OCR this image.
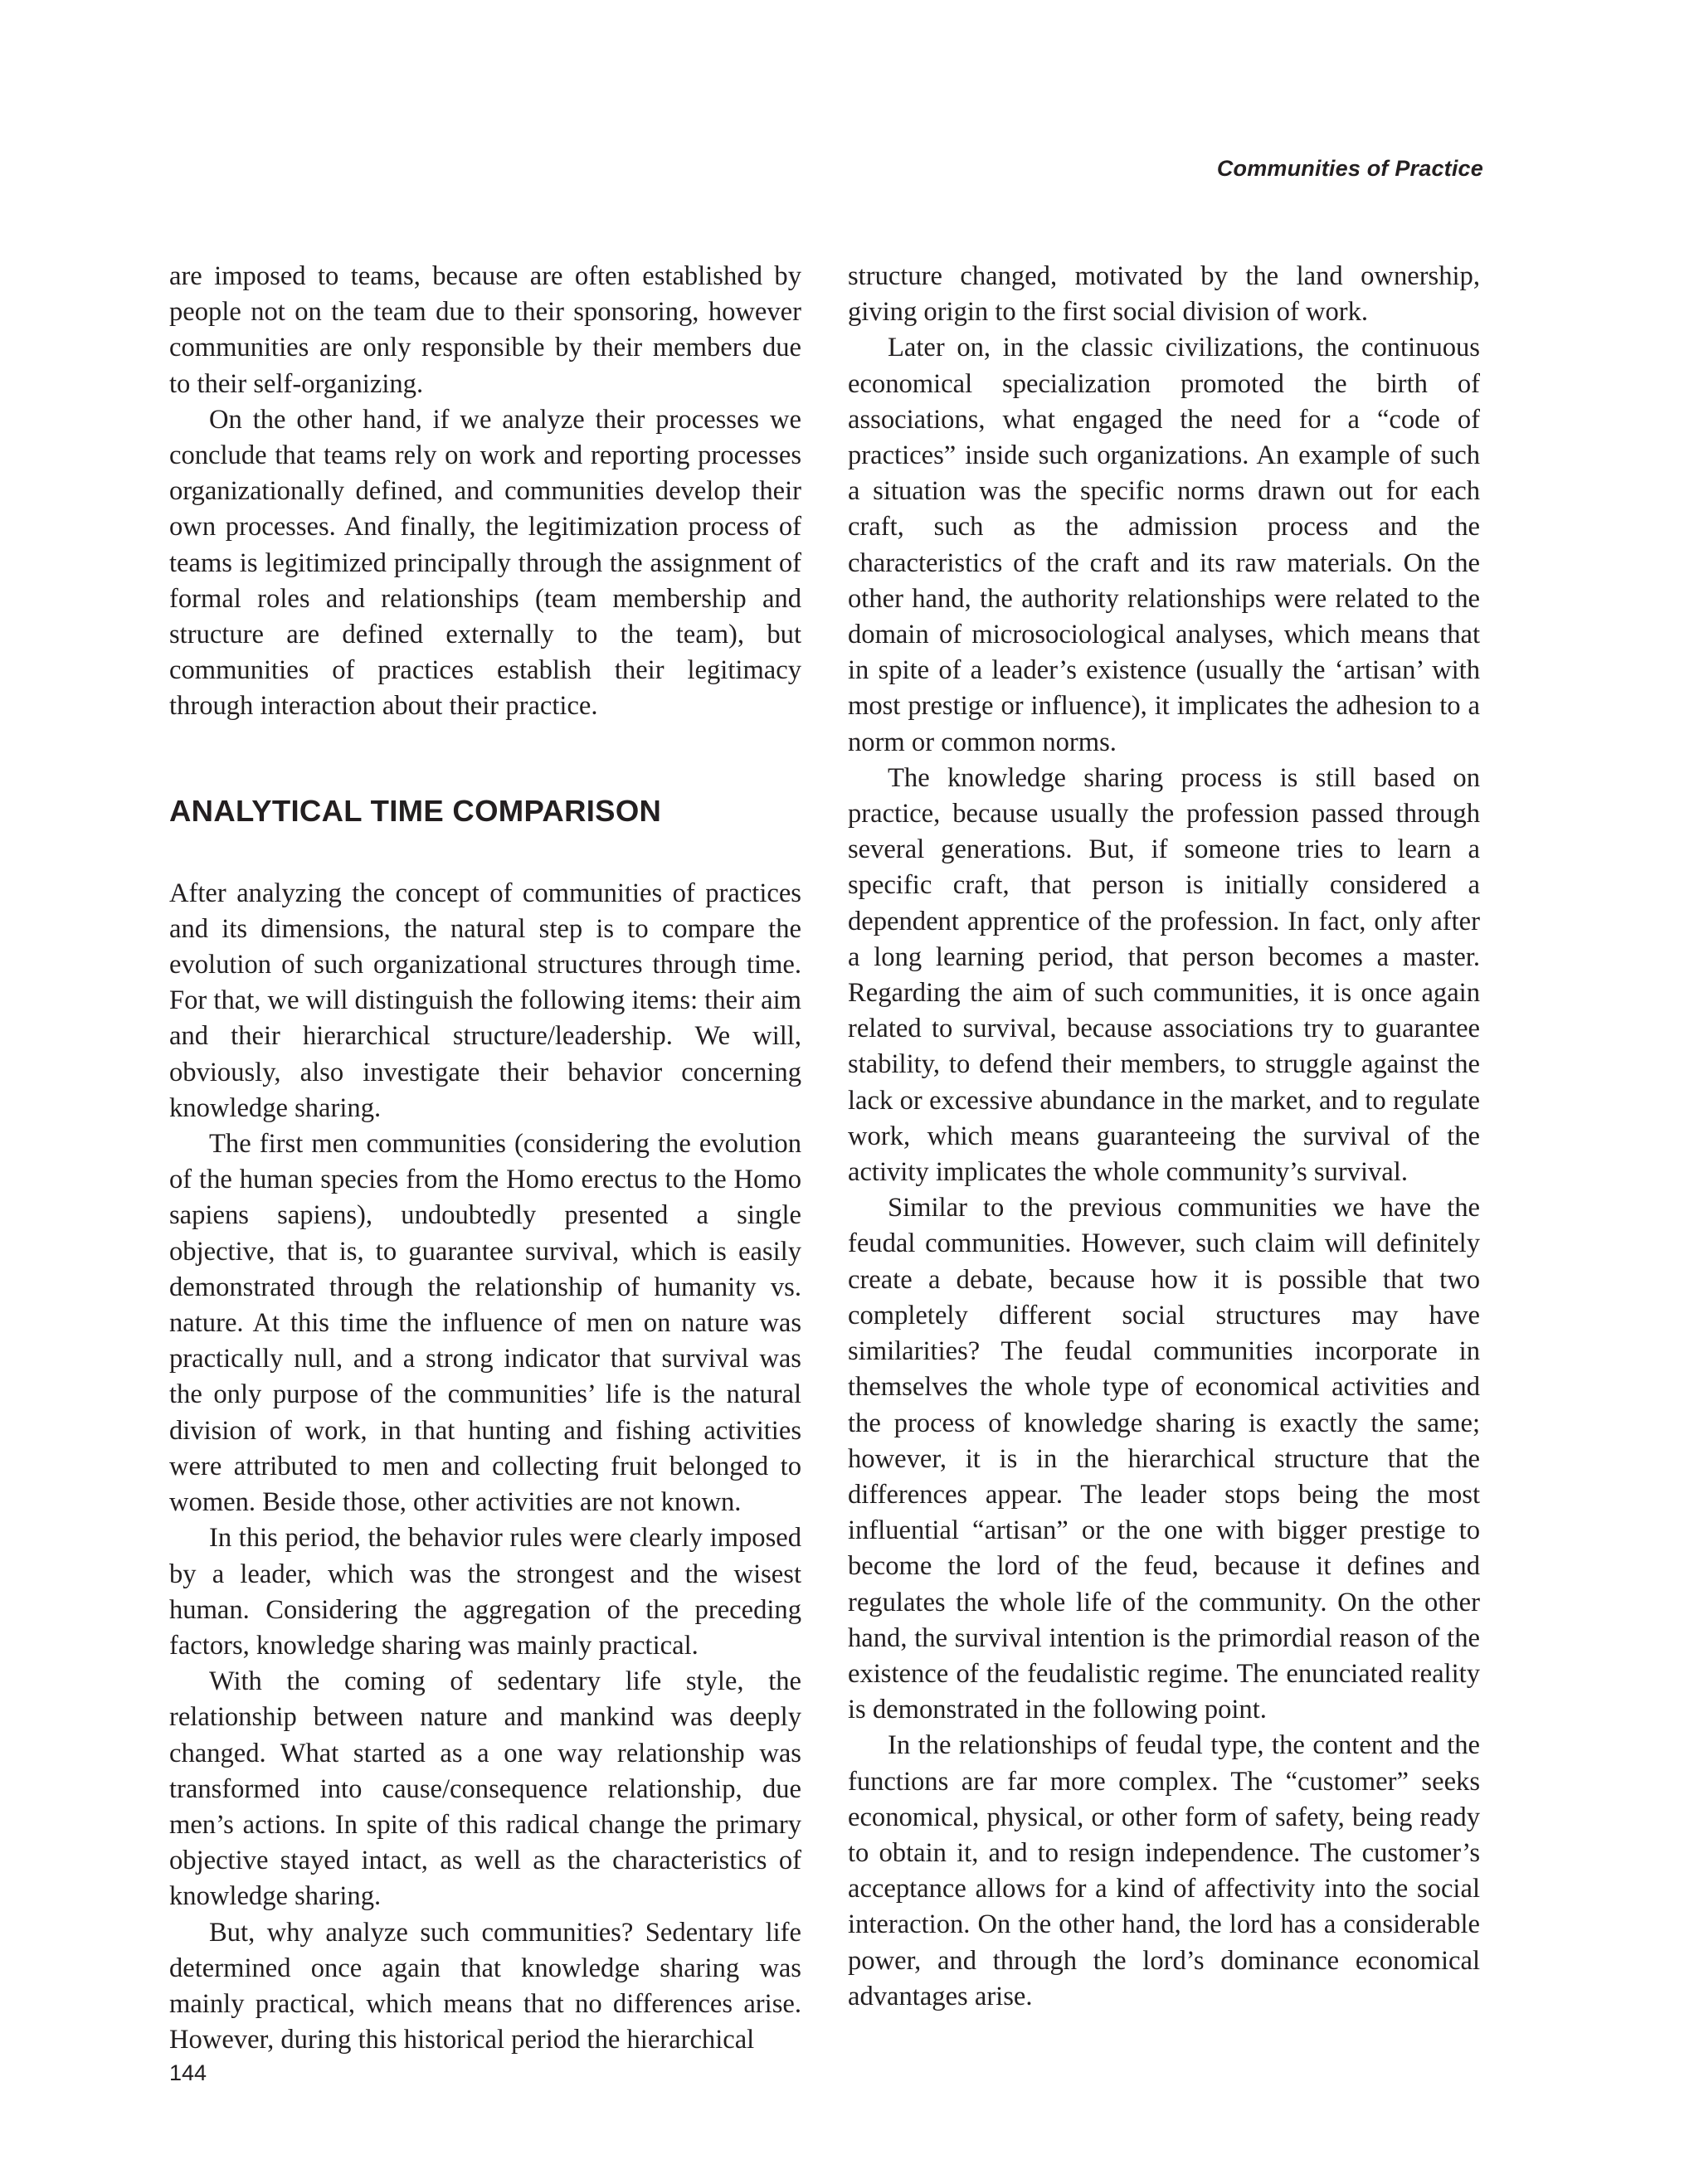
Communities of Practice

are imposed to teams, because are often established by people not on the team due to their sponsoring, however communities are only responsible by their members due to their self-organizing.

On the other hand, if we analyze their processes we conclude that teams rely on work and reporting processes organizationally defined, and communities develop their own processes. And finally, the legitimization process of teams is legitimized principally through the assignment of formal roles and relationships (team membership and structure are defined externally to the team), but communities of practices establish their legitimacy through interaction about their practice.

ANALYTICAL TIME COMPARISON

After analyzing the concept of communities of practices and its dimensions, the natural step is to compare the evolution of such organizational structures through time. For that, we will distinguish the following items: their aim and their hierarchical structure/leadership. We will, obviously, also investigate their behavior concerning knowledge sharing.

The first men communities (considering the evolution of the human species from the Homo erectus to the Homo sapiens sapiens), undoubtedly presented a single objective, that is, to guarantee survival, which is easily demonstrated through the relationship of humanity vs. nature. At this time the influence of men on nature was practically null, and a strong indicator that survival was the only purpose of the communities’ life is the natural division of work, in that hunting and fishing activities were attributed to men and collecting fruit belonged to women. Beside those, other activities are not known.

In this period, the behavior rules were clearly imposed by a leader, which was the strongest and the wisest human. Considering the aggregation of the preceding factors, knowledge sharing was mainly practical.

With the coming of sedentary life style, the relationship between nature and mankind was deeply changed. What started as a one way relationship was transformed into cause/consequence relationship, due men’s actions. In spite of this radical change the primary objective stayed intact, as well as the characteristics of knowledge sharing.

But, why analyze such communities? Sedentary life determined once again that knowledge sharing was mainly practical, which means that no differences arise. However, during this historical period the hierarchical

structure changed, motivated by the land ownership, giving origin to the first social division of work.

Later on, in the classic civilizations, the continuous economical specialization promoted the birth of associations, what engaged the need for a “code of practices” inside such organizations. An example of such a situation was the specific norms drawn out for each craft, such as the admission process and the characteristics of the craft and its raw materials. On the other hand, the authority relationships were related to the domain of microsociological analyses, which means that in spite of a leader’s existence (usually the ‘artisan’ with most prestige or influence), it implicates the adhesion to a norm or common norms.

The knowledge sharing process is still based on practice, because usually the profession passed through several generations. But, if someone tries to learn a specific craft, that person is initially considered a dependent apprentice of the profession. In fact, only after a long learning period, that person becomes a master. Regarding the aim of such communities, it is once again related to survival, because associations try to guarantee stability, to defend their members, to struggle against the lack or excessive abundance in the market, and to regulate work, which means guaranteeing the survival of the activity implicates the whole community’s survival.

Similar to the previous communities we have the feudal communities. However, such claim will definitely create a debate, because how it is possible that two completely different social structures may have similarities? The feudal communities incorporate in themselves the whole type of economical activities and the process of knowledge sharing is exactly the same; however, it is in the hierarchical structure that the differences appear. The leader stops being the most influential “artisan” or the one with bigger prestige to become the lord of the feud, because it defines and regulates the whole life of the community. On the other hand, the survival intention is the primordial reason of the existence of the feudalistic regime. The enunciated reality is demonstrated in the following point.

In the relationships of feudal type, the content and the functions are far more complex. The “customer” seeks economical, physical, or other form of safety, being ready to obtain it, and to resign independence. The customer’s acceptance allows for a kind of affectivity into the social interaction. On the other hand, the lord has a considerable power, and through the lord’s dominance economical advantages arise.

144
